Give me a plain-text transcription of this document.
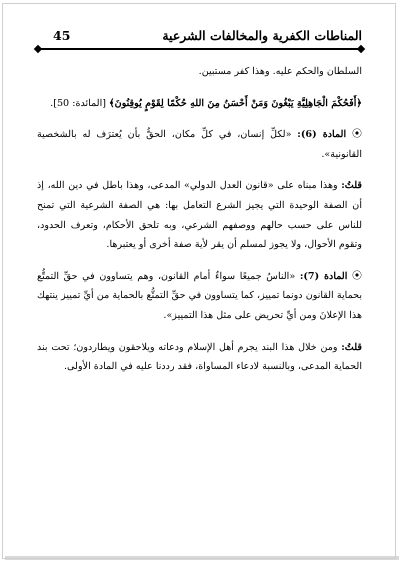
المناطات الكفرية والمخالفات الشرعية
45

السلطان والحكم عليه. وهذا كفر مستبين.

﴿أَفَحُكْمَ الْجَاهِلِيَّةِ يَبْغُونَ وَمَنْ أَحْسَنُ مِنَ اللهِ حُكْمًا لِقَوْمٍ يُوقِنُونَ﴾ [المائدة: 50].

⦿ المادة (6): «لكلِّ إنسان، في كلِّ مكان، الحقُّ بأن يُعترَف له بالشخصية القانونية».

قلتُ: وهذا مبناه على «قانون العدل الدولي» المدعى، وهذا باطل في دين الله، إذ أن الصفة الوحيدة التي يجيز الشرع التعامل بها: هي الصفة الشرعية التي تمنح للناس على حسب حالهم ووصفهم الشرعي، وبه تلحق الأحكام، وتعرف الحدود، وتقوم الأحوال، ولا يجوز لمسلم أن يقر لأية صفة أخرى أو يعتبرها.

⦿ المادة (7): «الناسُ جميعًا سواءٌ أمام القانون، وهم يتساوون في حقِّ التمتُّع بحماية القانون دونما تمييز، كما يتساوون في حقِّ التمتُّع بالحماية من أيِّ تمييز ينتهك هذا الإعلانَ ومن أيِّ تحريض على مثل هذا التمييز».

قلتُ: ومن خلال هذا البند يجرم أهل الإسلام ودعاته ويلاحقون ويطاردون؛ تحت بند الحماية المدعى، وبالنسبة لادعاء المساواة، فقد رددنا عليه في المادة الأولى.
